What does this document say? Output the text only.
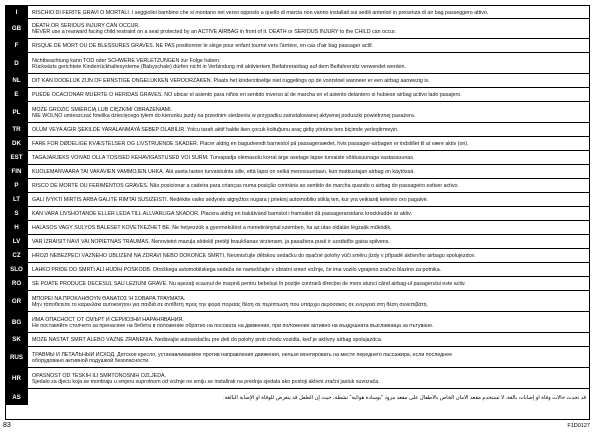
I	RISCHIO DI FERITE GRAVI O MORTALI. I seggiolini bambino che si montano nel verso opposto a quello di marcia non vanno installati sui sedili anteriori in presenza di air bag passeggero attivo.
GB	DEATH OR SERIOUS INJURY CAN OCCUR.
NEVER use a rearward facing child restraint on a seat protected by an ACTIVE AIRBAG in front of it. DEATH or SERIOUS INJURY to the CHILD can occur.
F	RISQUE DE MORT OU DE BLESSURES GRAVES. NE PAS positionner le siège pour enfant tourné vers l'arrière, en cas d'air bag passager actif.
D	Nichtbeachtung kann TOD oder SCHWERE VERLETZUNGEN zur Folge haben.
Rückwärts gerichtete Kinderrückhaltesysteme (Babyschale) dürfen nicht in Verbindung mit aktiviertem Beifahrerairbag auf dem Beifahrersitz verwendet werden.
NL	DIT KAN DODELIJK ZIJN OF ERNSTIGE ONGELUKKEN VEROORZAKEN. Plaats het kinderzitoeltje niet ruggelings op de voorstoel wanneer er een airbag aanwezig is.
E	PUEDE OCACIONAR MUERTE O HERIDAS GRAVES. NO ubicar el asiento para niños en sentido inverso al de marcha en el asiento delantero si hubiese airbag activo lado pasajero.
PL	MOŻE GROZIĆ ŚMIERCIĄ LUB CIĘŻKIMI OBRAŻENIAMI.
NIE WOLNO umieszczać fotelika dziecięcego tyłem do kierunku jazdy na przednim siedzeniu w przypadku zainstalowanej aktywnej poduszki powietrznej pasażera.
TR	ÖLÜM VEYA AĞIR ŞEKİLDE YARALANMAYA SEBEP OLABİLİR. Yolcu tarafı aktif halde iken çocuk koltuğunu araç gidiş yönüne ters biçimde yerleştirmeyin.
DK	FARE FOR DØDELIGE KVÆSTELSER OG LIVSTRUENDE SKADER. Placer aldrig en bagudvendt barnestol på passagersædet, hvis passager-airbagen er indstillet til at være aktiv (on).
EST	TAGAJÄRJEKS VÕIVAD OLLA TÕSISED KEHAVIGASTUSED VÕI SURM. Turvapadja olemasolu korral ärge asetage lapse turvaiste sõidusuunaga vastassuunas.
FIN	KUOLEMANVAARA TAI VAKAVIEN VAMMOJEN UHKA. Älä aseta lasten turvaistuinta sille, että lapsi on selkä menosuuntaan, kun matkustajan airbag on käytössä.
P	RISCO DE MORTE OU FERIMENTOS GRAVES. Não posicionar a cadeira para crianças numa posição contrária ao sentido de marcha quando o airbag do passageiro estiver activo.
LT	GALI ĮVYKTI MIRTIS ARBA GALITE RIMTAI SUSIŽEISTI. Nedėkite vaiko sėdynės atgręžtos nugara į priekinį automobilio stiklą ten, kur yra veikiantį keleivio oro pagalvė.
S	KAN VARA LIVSHOTANDE ELLER LEDA TILL ALLVARLIGA SKADOR. Placera aldrig en bakåtvänd barnstol i framsätet då passagerarsidans krockkudde är aktiv.
H	HALÁSOS VAGY SÚLYOS BALESET KÖVETKEZHET BE. Ne helyezzük a gyermekülést a menetiránynal szemben, ha az utas oldalán légzsák működik.
LV	VAR IZRAISĪT NĀVI VAI NOPIETNAS TRAUMAS. Nenovietot mazuļa sēdekli pretēji braukšanas virzienam, ja pasažiera pusē ir uzstādīts gaisa spilvens.
CZ	HROZÍ NEBEZPEČÍ VÁŽNÉHO ÚBLIŽENÍ NA ZDRAVÍ NEBO DOKONCE SMRTI. Neumisťujte dětskou sedačku do opačné polohy vůči směru jízdy v případě aktivního airbagu spolujezdce.
SLO	LAHKO PRIDE DO SMRTI ALI HUDIH POŠKODB. Otroškega avtomobilskega sedeža ne nameščajte v obratni smeri vožnje, če ima vozilo vgrajeno zračno blazino za potnika.
RO	SE POATE PRODUCE DECESUL SAU LEZIUNI GRAVE. Nu așezați scaunul de mașină pentru bebeluși în poziție contrară direcției de mers atunci când airbag-ul pasagerului este activ.
GR	ΜΠΟΡΕΙ ΝΑ ΠΡΟΚΛΗΘΟΥΝ ΘΑΝΑΤΟΣ Ή ΣΟΒΑΡΑ ΤΡΑΥΜΑΤΑ.
Μην τοποθετείτε το καρεκλάκι αυτοκινήτου για παιδιά σε αντίθετη προς την φορά πορείας θέση σε περίπτωση που υπάρχει αερόσακος σε ενεργεια στη θέση συνεπιβάτη.
BG	ИМА ОПАСНОСТ ОТ СМЪРТ И СЕРИОЗНИ НАРАНЯВАНИЯ.
Не поставяйте столчето за пренасяне на бебета в положение обратно на посоката на движение, при положение активно на въздушната възглавница за пътуване.
SK	MÔŽE NASTAŤ SMRŤ ALEBO VÁŽNE ZRANENIA. Nedávajte autosedačku pre deti do polohy proti chodu vozidla, keď je aktívny airbag spolujazdca.
RUS	ТРАВМЫ И ЛЕТАЛЬНЫЙ ИСХОД. Детское кресло, устанавливаемое против направления движения, нельзя монтировать на месте переднего пассажира, если последнее
оборудовано активной подушкой безопасности.
HR	OPASNOST OD TEŠKIH ILI SMRTONOSNIH OZLJEDA.
Sjedalo za djecu koja se montiraju u smjeru suprotnom od vožnje ne smiju se instalirati na prednja sjedala ako postoji aktivni zračni jastuk suvozača.
AS	قد تحدث حالات وفاة أو إصابات بالغة. لا تستخدم مقعد الأمان الخاص بالأطفال على مقعد مزود "بوسادة هوائية" نشطة، حيث إن الطفل قد يتعرض للوفاة أو الإصابة البالغة.
83	F1D0127
